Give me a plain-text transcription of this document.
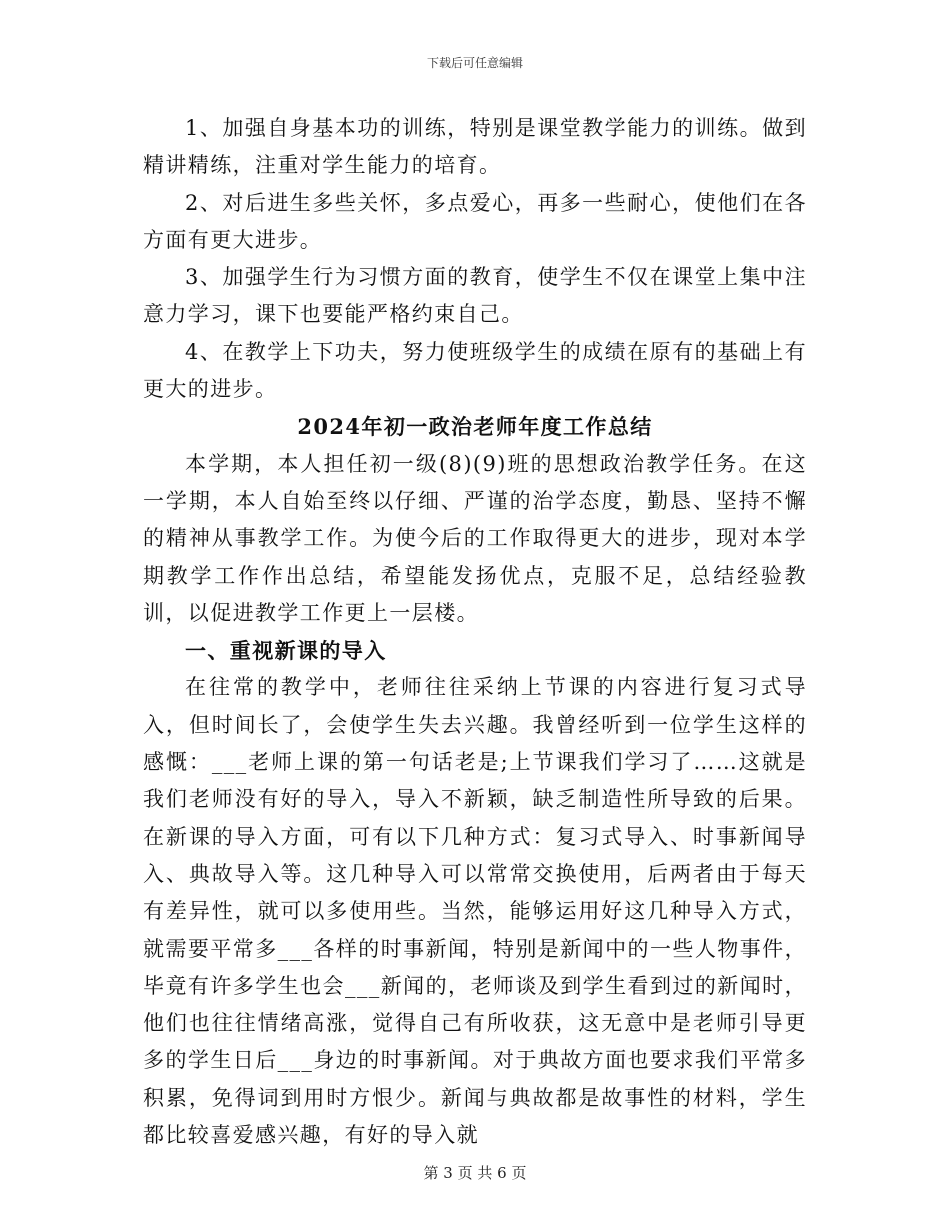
下载后可任意编辑

1、加强自身基本功的训练，特别是课堂教学能力的训练。做到精讲精练，注重对学生能力的培育。

2、对后进生多些关怀，多点爱心，再多一些耐心，使他们在各方面有更大进步。

3、加强学生行为习惯方面的教育，使学生不仅在课堂上集中注意力学习，课下也要能严格约束自己。

4、在教学上下功夫，努力使班级学生的成绩在原有的基础上有更大的进步。

2024年初一政治老师年度工作总结

本学期，本人担任初一级(8)(9)班的思想政治教学任务。在这一学期，本人自始至终以仔细、严谨的治学态度，勤恳、坚持不懈的精神从事教学工作。为使今后的工作取得更大的进步，现对本学期教学工作作出总结，希望能发扬优点，克服不足，总结经验教训，以促进教学工作更上一层楼。

一、重视新课的导入

在往常的教学中，老师往往采纳上节课的内容进行复习式导入，但时间长了，会使学生失去兴趣。我曾经听到一位学生这样的感慨：___老师上课的第一句话老是;上节课我们学习了……这就是我们老师没有好的导入，导入不新颖，缺乏制造性所导致的后果。在新课的导入方面，可有以下几种方式：复习式导入、时事新闻导入、典故导入等。这几种导入可以常常交换使用，后两者由于每天有差异性，就可以多使用些。当然，能够运用好这几种导入方式，就需要平常多___各样的时事新闻，特别是新闻中的一些人物事件，毕竟有许多学生也会___新闻的，老师谈及到学生看到过的新闻时，他们也往往情绪高涨，觉得自己有所收获，这无意中是老师引导更多的学生日后___身边的时事新闻。对于典故方面也要求我们平常多积累，免得词到用时方恨少。新闻与典故都是故事性的材料，学生都比较喜爱感兴趣，有好的导入就

第 3 页 共 6 页
